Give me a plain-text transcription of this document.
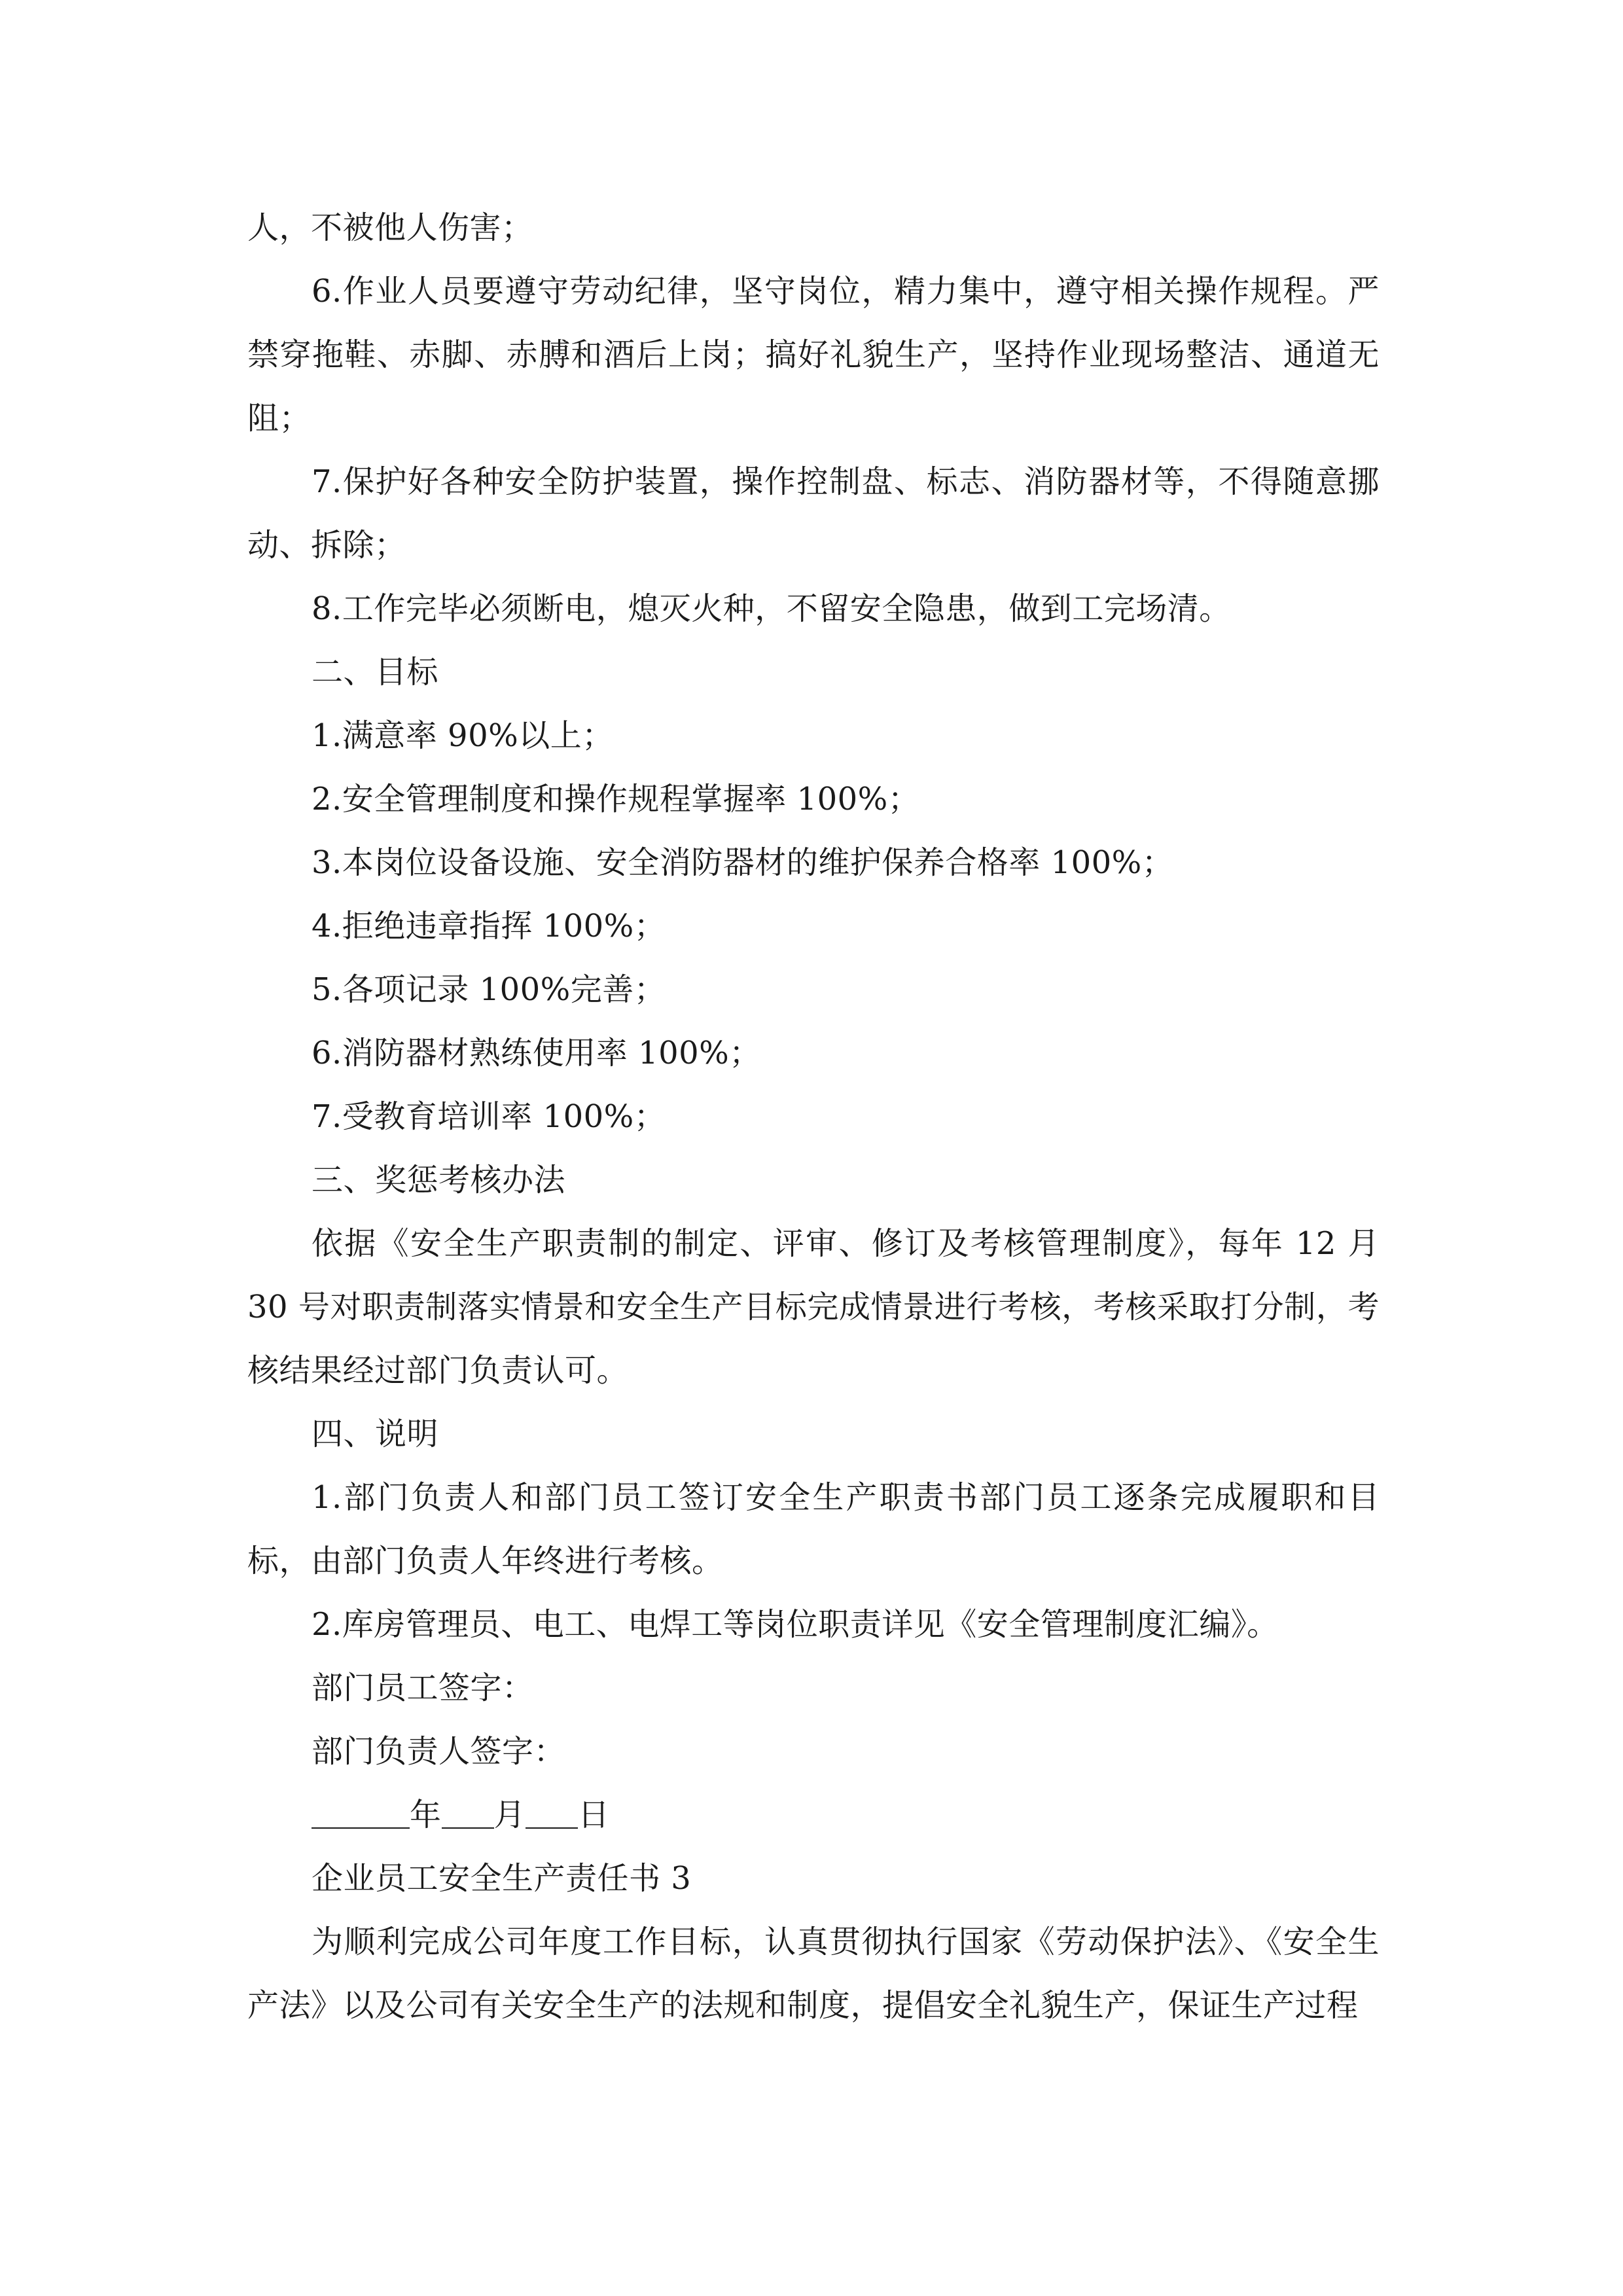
人，不被他人伤害；

6.作业人员要遵守劳动纪律，坚守岗位，精力集中，遵守相关操作规程。严禁穿拖鞋、赤脚、赤膊和酒后上岗；搞好礼貌生产，坚持作业现场整洁、通道无阻；

7.保护好各种安全防护装置，操作控制盘、标志、消防器材等，不得随意挪动、拆除；

8.工作完毕必须断电，熄灭火种，不留安全隐患，做到工完场清。

二、目标

1.满意率 90%以上；

2.安全管理制度和操作规程掌握率 100%；

3.本岗位设备设施、安全消防器材的维护保养合格率 100%；

4.拒绝违章指挥 100%；

5.各项记录 100%完善；

6.消防器材熟练使用率 100%；

7.受教育培训率 100%；

三、奖惩考核办法

依据《安全生产职责制的制定、评审、修订及考核管理制度》，每年 12 月 30 号对职责制落实情景和安全生产目标完成情景进行考核，考核采取打分制，考核结果经过部门负责认可。

四、说明

1.部门负责人和部门员工签订安全生产职责书部门员工逐条完成履职和目标，由部门负责人年终进行考核。

2.库房管理员、电工、电焊工等岗位职责详见《安全管理制度汇编》。

部门员工签字：

部门负责人签字：

年 月 日

企业员工安全生产责任书 3

为顺利完成公司年度工作目标，认真贯彻执行国家《劳动保护法》、《安全生产法》以及公司有关安全生产的法规和制度，提倡安全礼貌生产，保证生产过程
